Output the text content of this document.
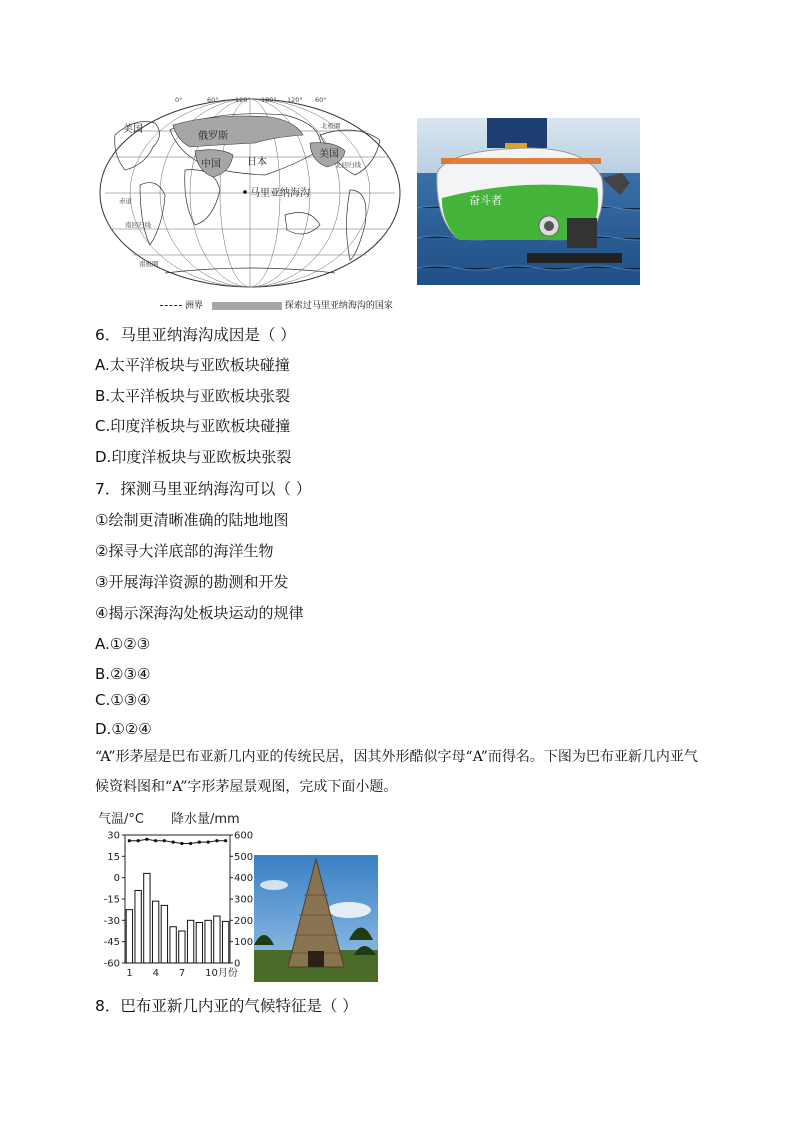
俄罗斯
中国	日本
美国
美国
马里亚纳海沟
赤道
北回归线
南回归线
北极圈
南极圈
0°	60°	120° 180° 120° 60°
洲界	探索过马里亚纳海沟的国家
奋斗者
6．马里亚纳海沟成因是（ ）
A.太平洋板块与亚欧板块碰撞
B.太平洋板块与亚欧板块张裂
C.印度洋板块与亚欧板块碰撞
D.印度洋板块与亚欧板块张裂
7．探测马里亚纳海沟可以（ ）
①绘制更清晰准确的陆地地图
②探寻大洋底部的海洋生物
③开展海洋资源的勘测和开发
④揭示深海沟处板块运动的规律
A.①②③
B.②③④
C.①③④
D.①②④
“A”形茅屋是巴布亚新几内亚的传统民居，因其外形酷似字母“A”而得名。下图为巴布亚新几内亚气候资料图和“A”字形茅屋景观图，完成下面小题。
气温/°C 降水量/mm
30
15
0
-15
-30
-45
-60
600
500
400
300
200
100
0
1 4 7 10月份
8．巴布亚新几内亚的气候特征是（ ）
